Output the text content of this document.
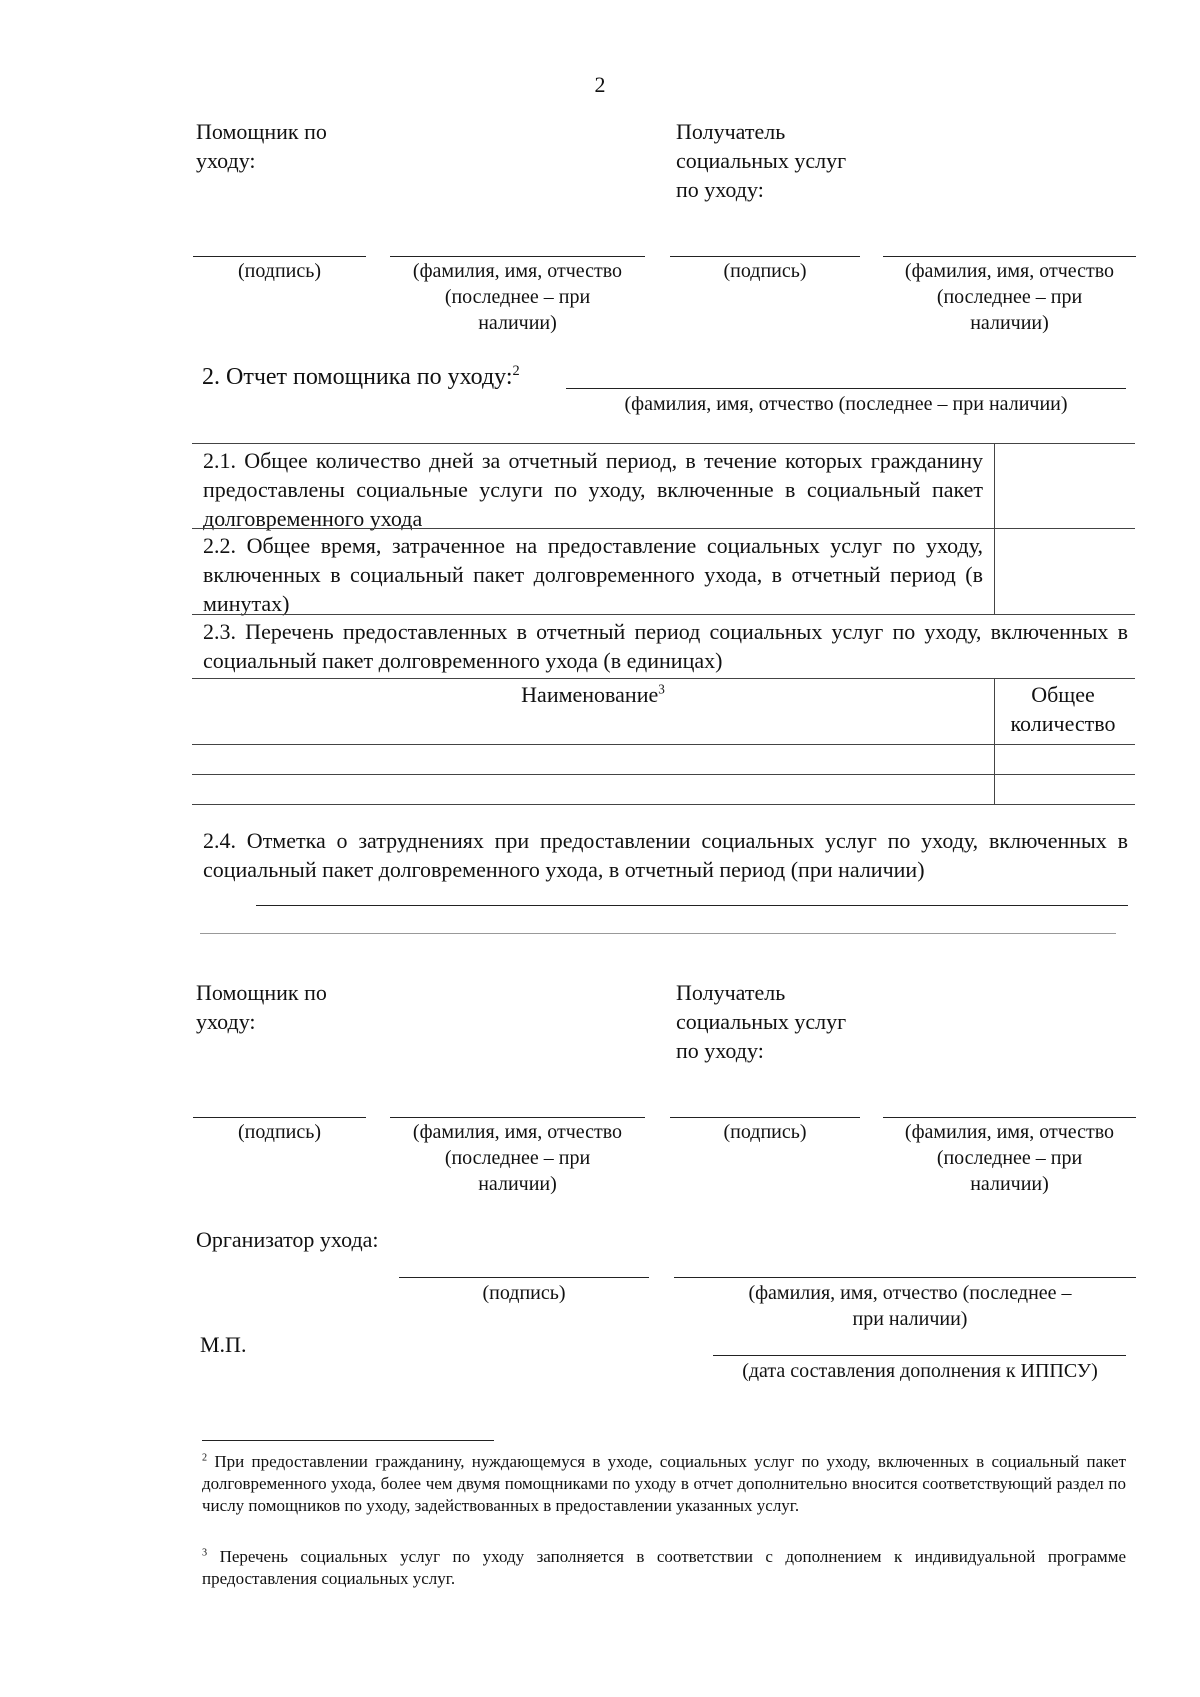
2
Помощник по уходу:
Получатель социальных услуг по уходу:
(подпись)	(фамилия, имя, отчество
(последнее – при
наличии)
(подпись)	(фамилия, имя, отчество
(последнее – при
наличии)
2. Отчет помощника по уходу:$^2$
(фамилия, имя, отчество (последнее – при наличии)
2.1. Общее количество дней за отчетный период, в течение которых гражданину предоставлены социальные услуги по уходу, включенные в социальный пакет долговременного ухода
2.2. Общее время, затраченное на предоставление социальных услуг по уходу, включенных в социальный пакет долговременного ухода, в отчетный период (в минутах)
2.3. Перечень предоставленных в отчетный период социальных услуг по уходу, включенных в социальный пакет долговременного ухода (в единицах)
Наименование$^3$	Общее количество
2.4. Отметка о затруднениях при предоставлении социальных услуг по уходу, включенных в социальный пакет долговременного ухода, в отчетный период (при наличии)
Помощник по уходу:
Получатель социальных услуг по уходу:
(подпись)	(фамилия, имя, отчество
(последнее – при
наличии)
(подпись)	(фамилия, имя, отчество
(последнее – при
наличии)
Организатор ухода:
(подпись)	(фамилия, имя, отчество (последнее –
при наличии)
М.П.
(дата составления дополнения к ИППСУ)
$^2$ При предоставлении гражданину, нуждающемуся в уходе, социальных услуг по уходу, включенных в социальный пакет долговременного ухода, более чем двумя помощниками по уходу в отчет дополнительно вносится соответствующий раздел по числу помощников по уходу, задействованных в предоставлении указанных услуг.
$^3$ Перечень социальных услуг по уходу заполняется в соответствии с дополнением к индивидуальной программе предоставления социальных услуг.
